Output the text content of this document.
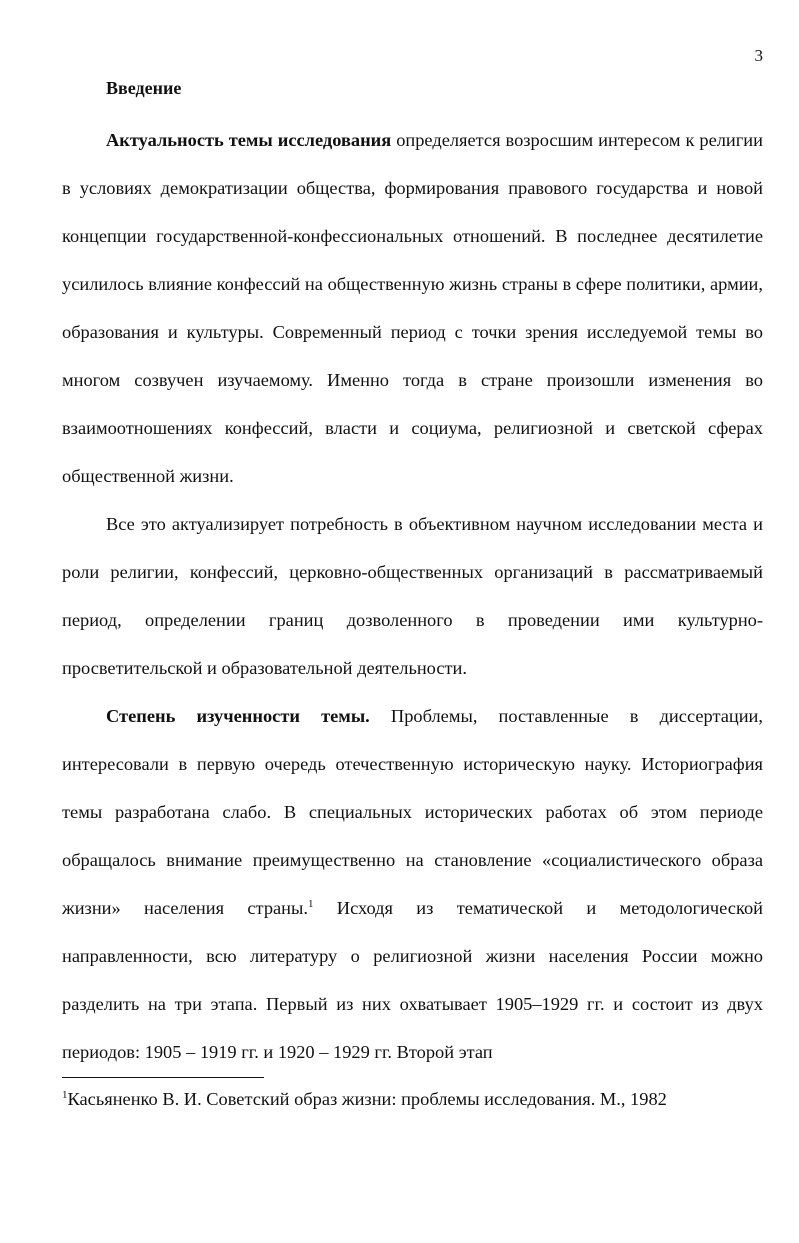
3
Введение

Актуальность темы исследования определяется возросшим интересом к религии в условиях демократизации общества, формирования правового государства и новой концепции государственной-конфессиональных отношений. В последнее десятилетие усилилось влияние конфессий на общественную жизнь страны в сфере политики, армии, образования и культуры. Современный период с точки зрения исследуемой темы во многом созвучен изучаемому. Именно тогда в стране произошли изменения во взаимоотношениях конфессий, власти и социума, религиозной и светской сферах общественной жизни.

Все это актуализирует потребность в объективном научном исследовании места и роли религии, конфессий, церковно-общественных организаций в рассматриваемый период, определении границ дозволенного в проведении ими культурно-просветительской и образовательной деятельности.

Степень изученности темы. Проблемы, поставленные в диссертации, интересовали в первую очередь отечественную историческую науку. Историография темы разработана слабо. В специальных исторических работах об этом периоде обращалось внимание преимущественно на становление «социалистического образа жизни» населения страны.$^1$ Исходя из тематической и методологической направленности, всю литературу о религиозной жизни населения России можно разделить на три этапа. Первый из них охватывает 1905–1929 гг. и состоит из двух периодов: 1905 – 1919 гг. и 1920 – 1929 гг. Второй этап

$^1$Касьяненко В. И. Советский образ жизни: проблемы исследования. М., 1982
